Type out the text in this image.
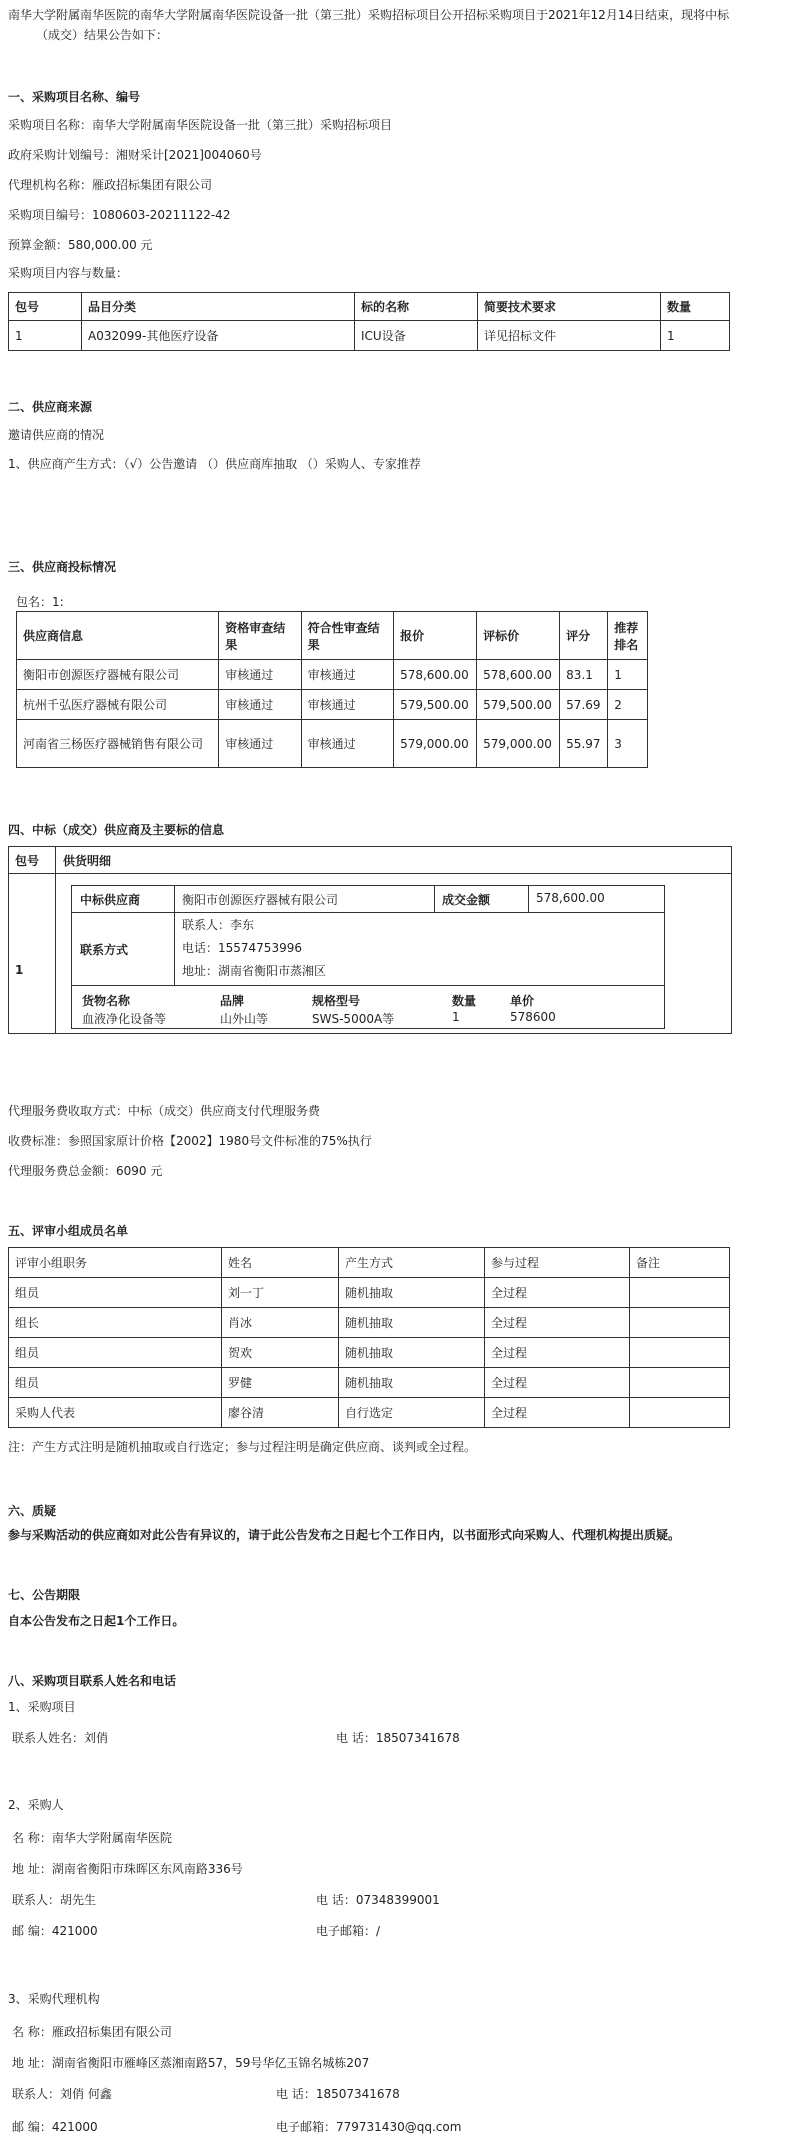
南华大学附属南华医院的南华大学附属南华医院设备一批（第三批）采购招标项目公开招标采购项目于2021年12月14日结束，现将中标
（成交）结果公告如下：
一、采购项目名称、编号
采购项目名称：南华大学附属南华医院设备一批（第三批）采购招标项目
政府采购计划编号：湘财采计[2021]004060号
代理机构名称：雁政招标集团有限公司
采购项目编号：1080603-20211122-42
预算金额：580,000.00 元
采购项目内容与数量：
包号	品目分类	标的名称	简要技术要求	数量
1	A032099-其他医疗设备	ICU设备	详见招标文件	1
二、供应商来源
邀请供应商的情况
1、供应商产生方式：（√）公告邀请 （）供应商库抽取 （）采购人、专家推荐
三、供应商投标情况
包名：1:
供应商信息	资格审查结果	符合性审查结果	报价	评标价	评分	推荐排名
衡阳市创源医疗器械有限公司	审核通过	审核通过	578,600.00	578,600.00	83.1	1
杭州千弘医疗器械有限公司	审核通过	审核通过	579,500.00	579,500.00	57.69	2
河南省三杨医疗器械销售有限公司	审核通过	审核通过	579,000.00	579,000.00	55.97	3
四、中标（成交）供应商及主要标的信息
包号 供货明细
1
中标供应商	衡阳市创源医疗器械有限公司	成交金额	578,600.00
联系方式
联系人：李东
电话：15574753996
地址：湖南省衡阳市蒸湘区
货物名称	品牌	规格型号	数量	单价
血液净化设备等	山外山等	SWS-5000A等	1	578600
代理服务费收取方式：中标（成交）供应商支付代理服务费
收费标准：参照国家原计价格【2002】1980号文件标准的75%执行
代理服务费总金额：6090 元
五、评审小组成员名单
评审小组职务	姓名	产生方式	参与过程	备注
组员	刘一丁	随机抽取	全过程	
组长	肖冰	随机抽取	全过程	
组员	贺欢	随机抽取	全过程	
组员	罗健	随机抽取	全过程	
采购人代表	廖谷清	自行选定	全过程	
注：产生方式注明是随机抽取或自行选定；参与过程注明是确定供应商、谈判或全过程。
六、质疑
参与采购活动的供应商如对此公告有异议的，请于此公告发布之日起七个工作日内，以书面形式向采购人、代理机构提出质疑。
七、公告期限
自本公告发布之日起1个工作日。
八、采购项目联系人姓名和电话
1、采购项目
联系人姓名：刘俏	电 话：18507341678
2、采购人
名 称：南华大学附属南华医院
地 址：湖南省衡阳市珠晖区东风南路336号
联系人：胡先生	电 话：07348399001
邮 编：421000	电子邮箱：/
3、采购代理机构
名 称：雁政招标集团有限公司
地 址：湖南省衡阳市雁峰区蒸湘南路57，59号华亿玉锦名城栋207
联系人：刘俏 何鑫	电 话：18507341678
邮 编：421000	电子邮箱：779731430@qq.com
